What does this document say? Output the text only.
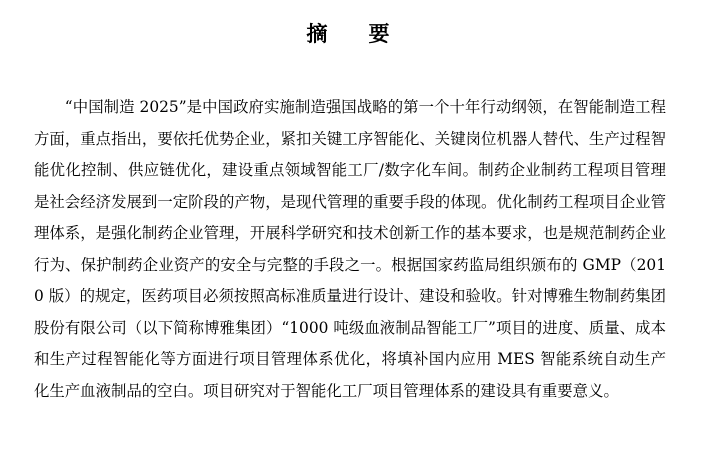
摘　要

“中国制造 2025”是中国政府实施制造强国战略的第一个十年行动纲领，在智能制造工程方面，重点指出，要依托优势企业，紧扣关键工序智能化、关键岗位机器人替代、生产过程智能优化控制、供应链优化，建设重点领域智能工厂/数字化车间。制药企业制药工程项目管理是社会经济发展到一定阶段的产物，是现代管理的重要手段的体现。优化制药工程项目企业管理体系，是强化制药企业管理，开展科学研究和技术创新工作的基本要求，也是规范制药企业行为、保护制药企业资产的安全与完整的手段之一。根据国家药监局组织颁布的 GMP（2010 版）的规定，医药项目必须按照高标准质量进行设计、建设和验收。针对博雅生物制药集团股份有限公司（以下简称博雅集团）“1000 吨级血液制品智能工厂”项目的进度、质量、成本和生产过程智能化等方面进行项目管理体系优化，将填补国内应用 MES 智能系统自动生产化生产血液制品的空白。项目研究对于智能化工厂项目管理体系的建设具有重要意义。
